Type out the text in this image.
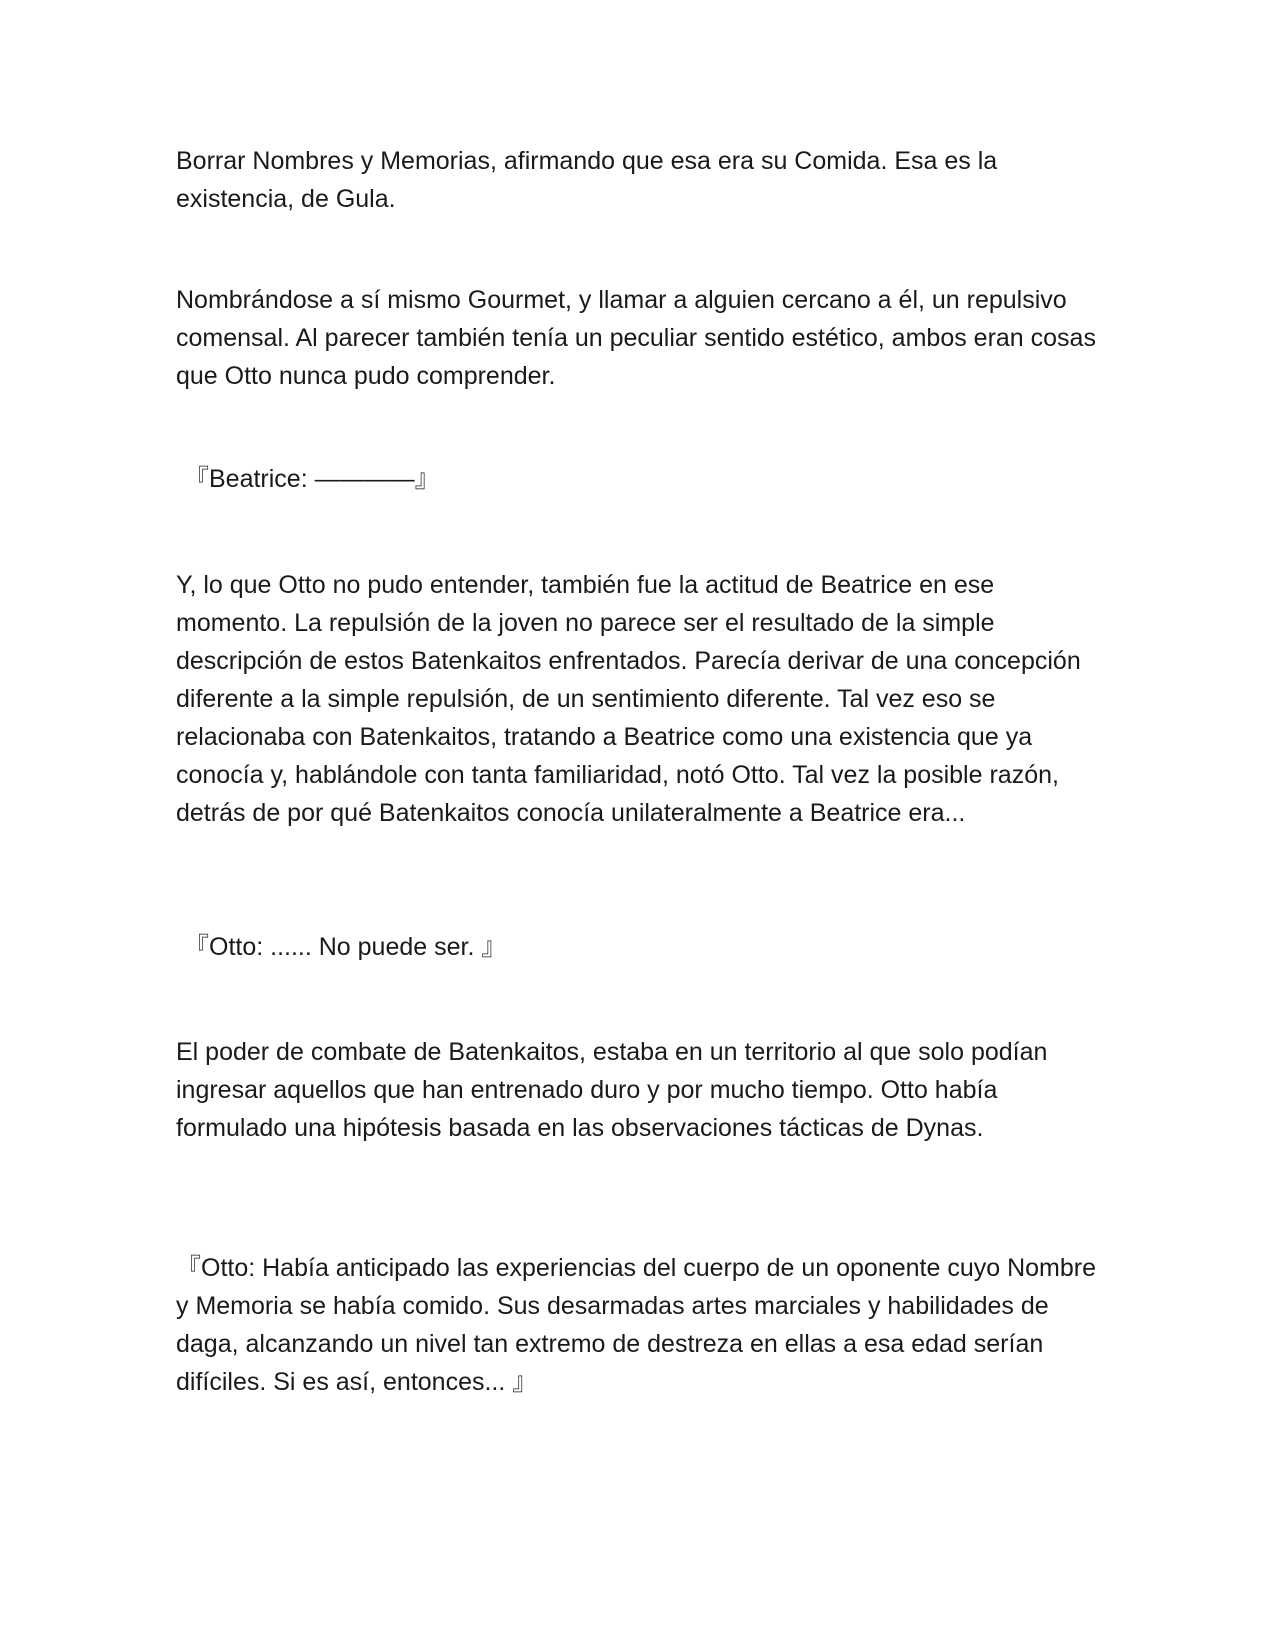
Borrar Nombres y Memorias, afirmando que esa era su Comida. Esa es la existencia, de Gula.

Nombrándose a sí mismo Gourmet, y llamar a alguien cercano a él, un repulsivo comensal. Al parecer también tenía un peculiar sentido estético, ambos eran cosas que Otto nunca pudo comprender.

『Beatrice: ————』

Y, lo que Otto no pudo entender, también fue la actitud de Beatrice en ese momento. La repulsión de la joven no parece ser el resultado de la simple descripción de estos Batenkaitos enfrentados. Parecía derivar de una concepción diferente a la simple repulsión, de un sentimiento diferente. Tal vez eso se relacionaba con Batenkaitos, tratando a Beatrice como una existencia que ya conocía y, hablándole con tanta familiaridad, notó Otto. Tal vez la posible razón, detrás de por qué Batenkaitos conocía unilateralmente a Beatrice era...

『Otto: ...... No puede ser. 』

El poder de combate de Batenkaitos, estaba en un territorio al que solo podían ingresar aquellos que han entrenado duro y por mucho tiempo. Otto había formulado una hipótesis basada en las observaciones tácticas de Dynas.

『Otto: Había anticipado las experiencias del cuerpo de un oponente cuyo Nombre y Memoria se había comido. Sus desarmadas artes marciales y habilidades de daga, alcanzando un nivel tan extremo de destreza en ellas a esa edad serían difíciles. Si es así, entonces... 』
